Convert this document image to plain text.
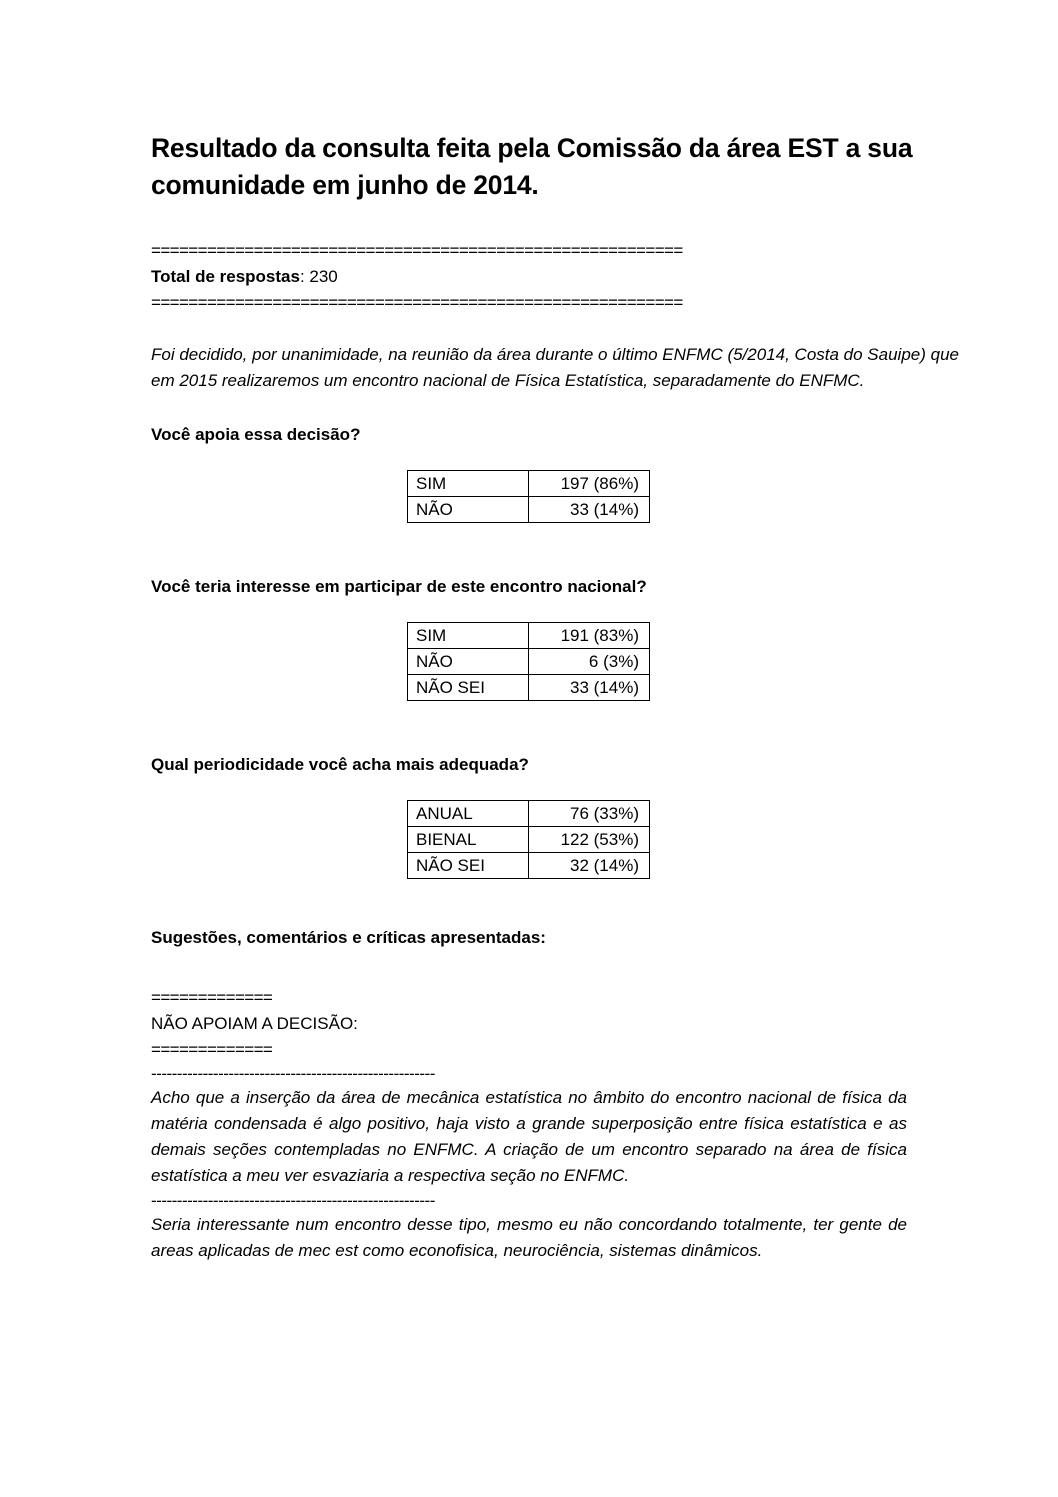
Resultado da consulta feita pela Comissão da área EST a sua comunidade em junho de 2014.
=========================================================
Total de respostas: 230
=========================================================
Foi decidido, por unanimidade, na reunião da área durante o último ENFMC (5/2014, Costa do Sauipe) que em 2015 realizaremos um encontro nacional de Física Estatística, separadamente do ENFMC.
Você apoia essa decisão?
SIM	197 (86%)
NÃO	33 (14%)
Você teria interesse em participar de este encontro nacional?
SIM	191 (83%)
NÃO	6 (3%)
NÃO SEI	33 (14%)
Qual periodicidade você acha mais adequada?
ANUAL	76 (33%)
BIENAL	122 (53%)
NÃO SEI	32 (14%)
Sugestões, comentários e críticas apresentadas:
=============
NÃO APOIAM A DECISÃO:
=============
-------------------------------------------------------
Acho que a inserção da área de mecânica estatística no âmbito do encontro nacional de física da matéria condensada é algo positivo, haja visto a grande superposição entre física estatística e as demais seções contempladas no ENFMC. A criação de um encontro separado na área de física estatística a meu ver esvaziaria a respectiva seção no ENFMC.
-------------------------------------------------------
Seria interessante num encontro desse tipo, mesmo eu não concordando totalmente, ter gente de areas aplicadas de mec est como econofisica, neurociência, sistemas dinâmicos.
